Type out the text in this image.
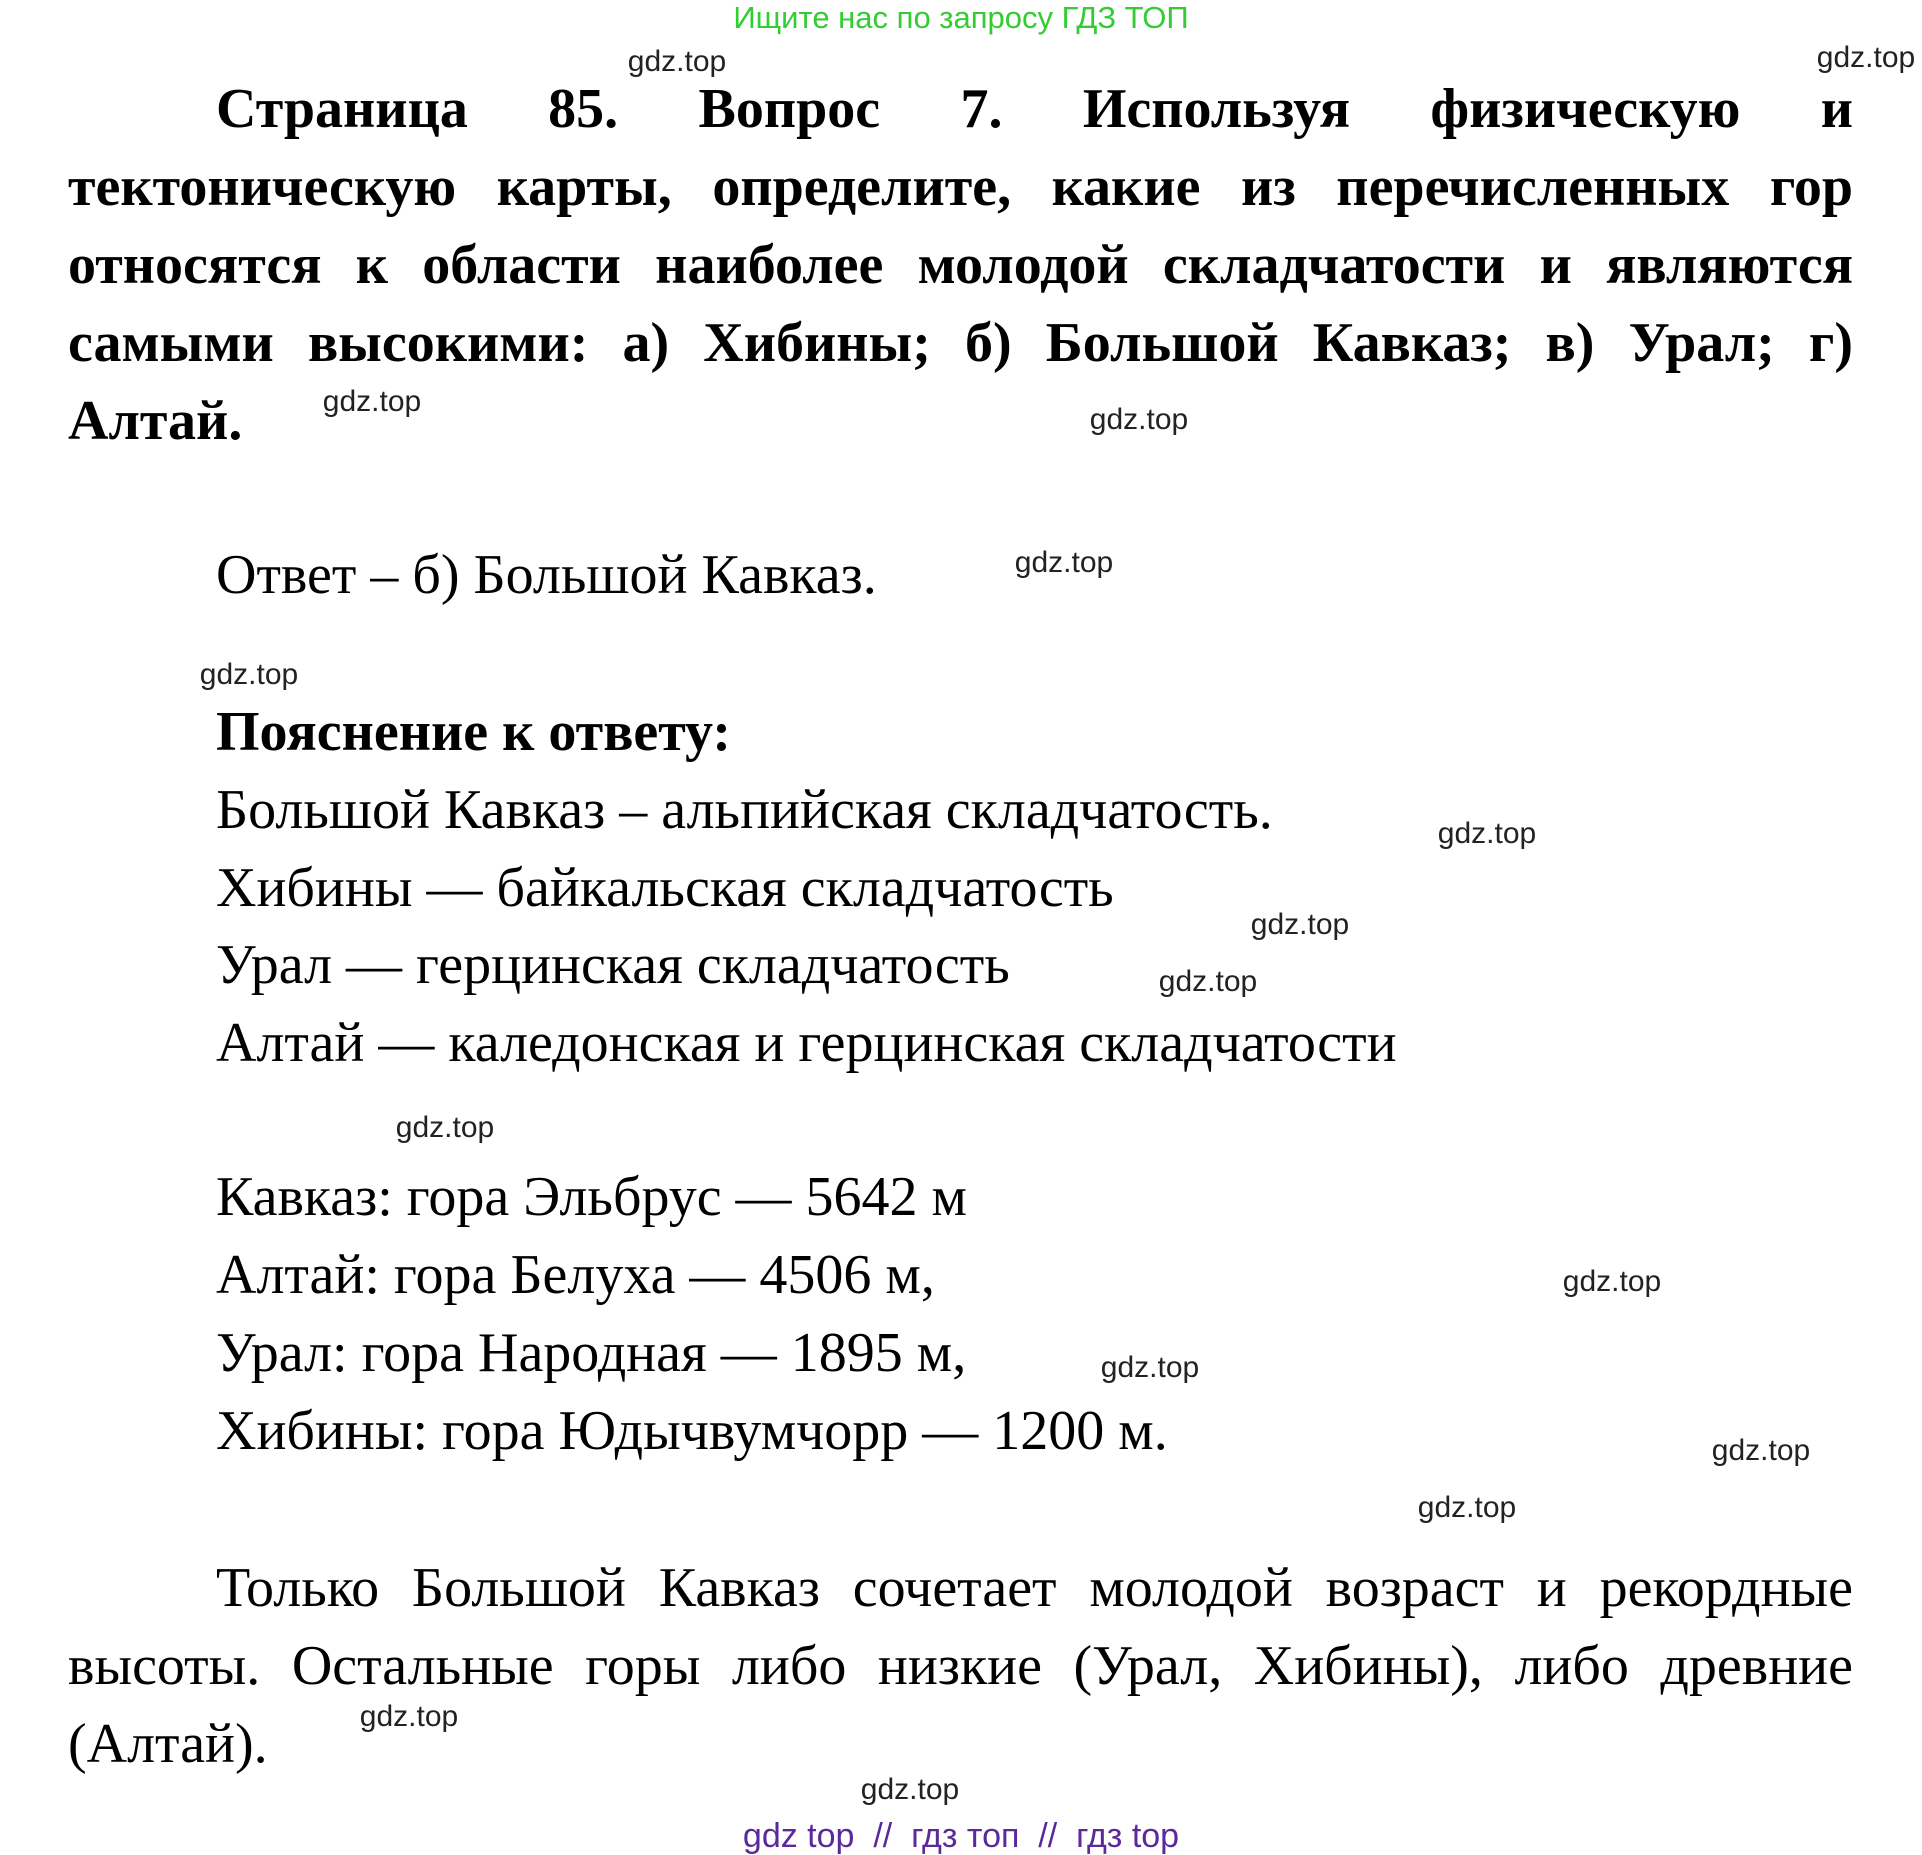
Ищите нас по запросу ГДЗ ТОП
Страница 85. Вопрос 7. Используя физическую и
тектоническую карты, определите, какие из перечисленных гор
относятся к области наиболее молодой складчатости и являются
самыми высокими: а) Хибины; б) Большой Кавказ; в) Урал; г)
Алтай.
Ответ – б) Большой Кавказ.
Пояснение к ответу:
Большой Кавказ – альпийская складчатость.
Хибины — байкальская складчатость
Урал — герцинская складчатость
Алтай — каледонская и герцинская складчатости
Кавказ: гора Эльбрус — 5642 м
Алтай: гора Белуха — 4506 м,
Урал: гора Народная — 1895 м,
Хибины: гора Юдычвумчорр — 1200 м.
Только Большой Кавказ сочетает молодой возраст и рекордные
высоты. Остальные горы либо низкие (Урал, Хибины), либо древние
(Алтай).
gdz.top	gdz.top
gdz.top
gdz.top
gdz.top
gdz.top
gdz.top
gdz.top
gdz.top
gdz.top
gdz.top
gdz.top
gdz.top
gdz.top
gdz.top
gdz.top
gdz top  //  гдз топ  //  гдз top
